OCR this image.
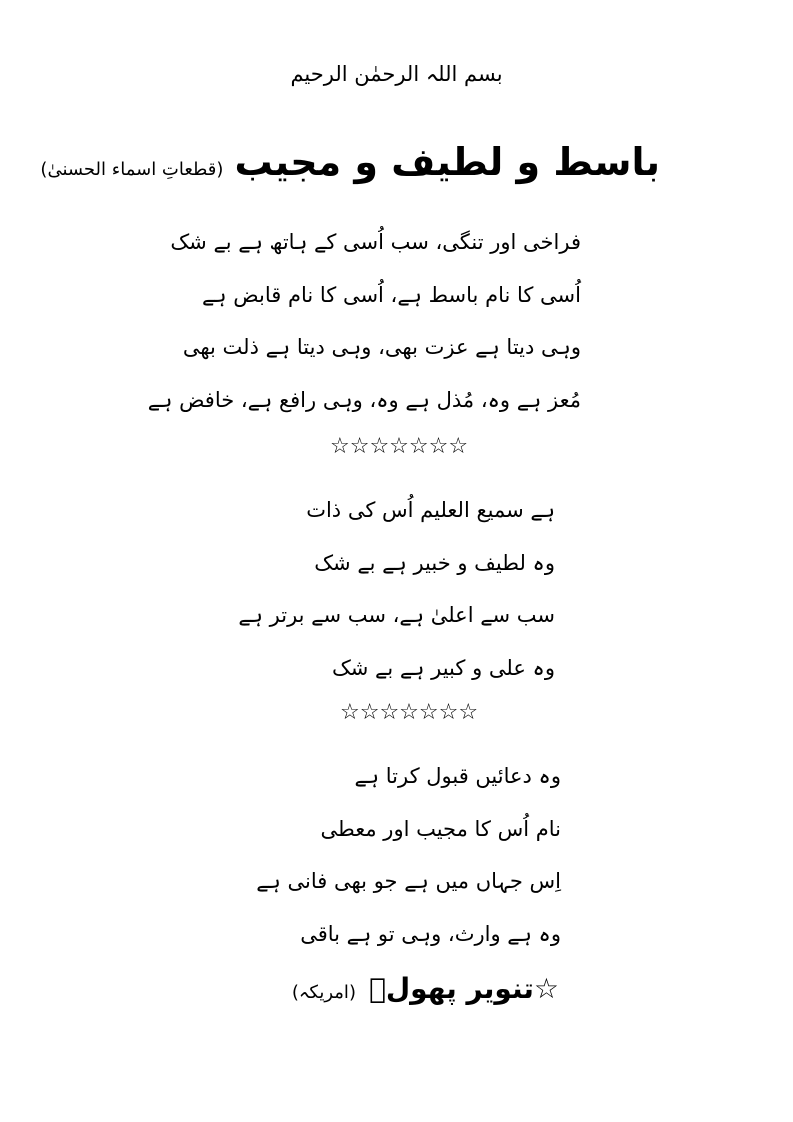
بسم اللہ الرحمٰن الرحیم
باسط و لطیف و مجیب (قطعاتِ اسماء الحسنیٰ)
فراخی اور تنگی، سب اُسی کے ہاتھ ہے بے شک
اُسی کا نام باسط ہے، اُسی کا نام قابض ہے
وہی دیتا ہے عزت بھی، وہی دیتا ہے ذلت بھی
مُعز ہے وہ، مُذل ہے وہ، وہی رافع ہے، خافض ہے
☆☆☆☆☆☆☆
ہے سمیع العلیم اُس کی ذات
وہ لطیف و خبیر ہے بے شک
سب سے اعلیٰ ہے، سب سے برتر ہے
وہ علی و کبیر ہے بے شک
☆☆☆☆☆☆☆
وہ دعائیں قبول کرتا ہے
نام اُس کا مجیب اور معطی
اِس جہاں میں ہے جو بھی فانی ہے
وہ ہے وارث، وہی تو ہے باقی
☆تنویر پھولؔ (امریکہ)
